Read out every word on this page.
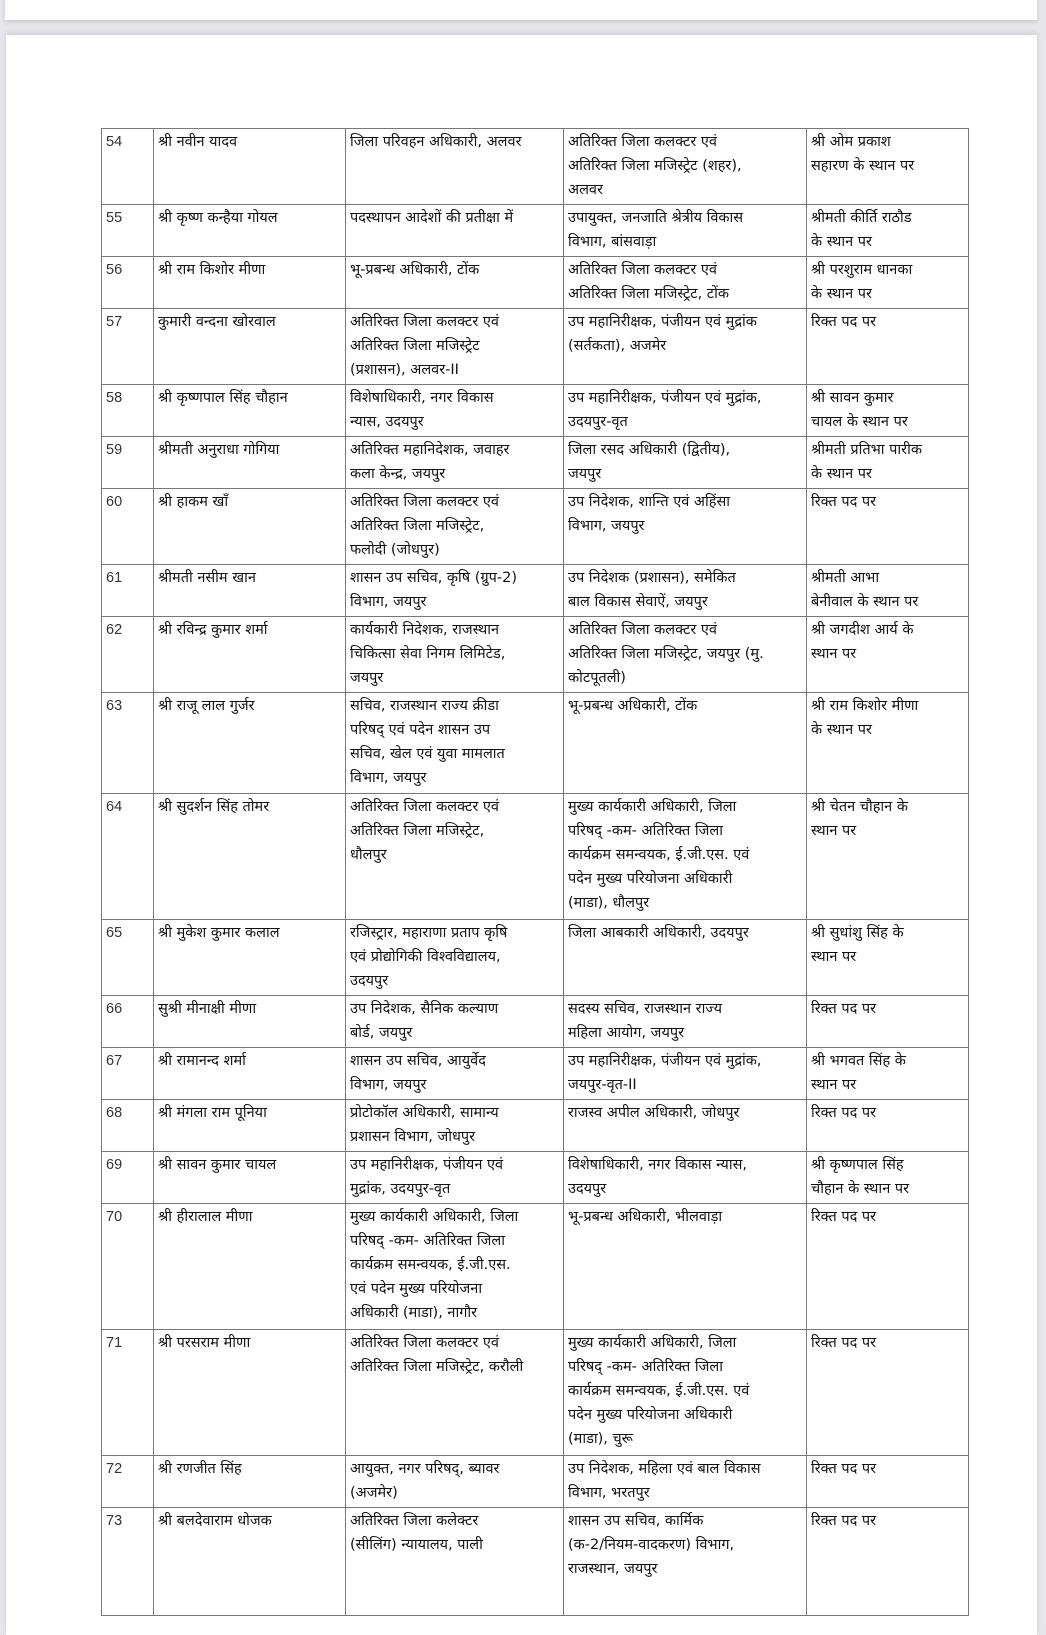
54	श्री नवीन यादव	जिला परिवहन अधिकारी, अलवर	अतिरिक्त जिला कलक्टर एवं
अतिरिक्त जिला मजिस्ट्रेट (शहर),
अलवर	श्री ओम प्रकाश
सहारण के स्थान पर

55	श्री कृष्ण कन्हैया गोयल	पदस्थापन आदेशों की प्रतीक्षा में	उपायुक्त, जनजाति श्रेत्रीय विकास
विभाग, बांसवाड़ा	श्रीमती कीर्ति राठौड
के स्थान पर

56	श्री राम किशोर मीणा	भू-प्रबन्ध अधिकारी, टोंक	अतिरिक्त जिला कलक्टर एवं
अतिरिक्त जिला मजिस्ट्रेट, टोंक	श्री परशुराम धानका
के स्थान पर

57	कुमारी वन्दना खोरवाल	अतिरिक्त जिला कलक्टर एवं
अतिरिक्त जिला मजिस्ट्रेट
(प्रशासन), अलवर-II	उप महानिरीक्षक, पंजीयन एवं मुद्रांक
(सर्तकता), अजमेर	रिक्त पद पर

58	श्री कृष्णपाल सिंह चौहान	विशेषाधिकारी, नगर विकास
न्यास, उदयपुर	उप महानिरीक्षक, पंजीयन एवं मुद्रांक,
उदयपुर-वृत	श्री सावन कुमार
चायल के स्थान पर

59	श्रीमती अनुराधा गोगिया	अतिरिक्त महानिदेशक, जवाहर
कला केन्द्र, जयपुर	जिला रसद अधिकारी (द्वितीय),
जयपुर	श्रीमती प्रतिभा पारीक
के स्थान पर

60	श्री हाकम खाँ	अतिरिक्त जिला कलक्टर एवं
अतिरिक्त जिला मजिस्ट्रेट,
फलोदी (जोधपुर)	उप निदेशक, शान्ति एवं अहिंसा
विभाग, जयपुर	रिक्त पद पर

61	श्रीमती नसीम खान	शासन उप सचिव, कृषि (ग्रुप-2)
विभाग, जयपुर	उप निदेशक (प्रशासन), समेकित
बाल विकास सेवाऐं, जयपुर	श्रीमती आभा
बेनीवाल के स्थान पर

62	श्री रविन्द्र कुमार शर्मा	कार्यकारी निदेशक, राजस्थान
चिकित्सा सेवा निगम लिमिटेड,
जयपुर	अतिरिक्त जिला कलक्टर एवं
अतिरिक्त जिला मजिस्ट्रेट, जयपुर (मु.
कोटपूतली)	श्री जगदीश आर्य के
स्थान पर

63	श्री राजू लाल गुर्जर	सचिव, राजस्थान राज्य क्रीडा
परिषद् एवं पदेन शासन उप
सचिव, खेल एवं युवा मामलात
विभाग, जयपुर	भू-प्रबन्ध अधिकारी, टोंक	श्री राम किशोर मीणा
के स्थान पर

64	श्री सुदर्शन सिंह तोमर	अतिरिक्त जिला कलक्टर एवं
अतिरिक्त जिला मजिस्ट्रेट,
धौलपुर	मुख्य कार्यकारी अधिकारी, जिला
परिषद् -कम- अतिरिक्त जिला
कार्यक्रम समन्वयक, ई.जी.एस. एवं
पदेन मुख्य परियोजना अधिकारी
(माडा), धौलपुर	श्री चेतन चौहान के
स्थान पर

65	श्री मुकेश कुमार कलाल	रजिस्ट्रार, महाराणा प्रताप कृषि
एवं प्रोद्योगिकी विश्वविद्यालय,
उदयपुर	जिला आबकारी अधिकारी, उदयपुर	श्री सुधांशु सिंह के
स्थान पर

66	सुश्री मीनाक्षी मीणा	उप निदेशक, सैनिक कल्याण
बोर्ड, जयपुर	सदस्य सचिव, राजस्थान राज्य
महिला आयोग, जयपुर	रिक्त पद पर

67	श्री रामानन्द शर्मा	शासन उप सचिव, आयुर्वेद
विभाग, जयपुर	उप महानिरीक्षक, पंजीयन एवं मुद्रांक,
जयपुर-वृत-II	श्री भगवत सिंह के
स्थान पर

68	श्री मंगला राम पूनिया	प्रोटोकॉल अधिकारी, सामान्य
प्रशासन विभाग, जोधपुर	राजस्व अपील अधिकारी, जोधपुर	रिक्त पद पर

69	श्री सावन कुमार चायल	उप महानिरीक्षक, पंजीयन एवं
मुद्रांक, उदयपुर-वृत	विशेषाधिकारी, नगर विकास न्यास,
उदयपुर	श्री कृष्णपाल सिंह
चौहान के स्थान पर

70	श्री हीरालाल मीणा	मुख्य कार्यकारी अधिकारी, जिला
परिषद् -कम- अतिरिक्त जिला
कार्यक्रम समन्वयक, ई.जी.एस.
एवं पदेन मुख्य परियोजना
अधिकारी (माडा), नागौर	भू-प्रबन्ध अधिकारी, भीलवाड़ा	रिक्त पद पर

71	श्री परसराम मीणा	अतिरिक्त जिला कलक्टर एवं
अतिरिक्त जिला मजिस्ट्रेट, करौली	मुख्य कार्यकारी अधिकारी, जिला
परिषद् -कम- अतिरिक्त जिला
कार्यक्रम समन्वयक, ई.जी.एस. एवं
पदेन मुख्य परियोजना अधिकारी
(माडा), चुरू	रिक्त पद पर

72	श्री रणजीत सिंह	आयुक्त, नगर परिषद्, ब्यावर
(अजमेर)	उप निदेशक, महिला एवं बाल विकास
विभाग, भरतपुर	रिक्त पद पर

73	श्री बलदेवाराम धोजक	अतिरिक्त जिला कलेक्टर
(सीलिंग) न्यायालय, पाली	शासन उप सचिव, कार्मिक
(क-2/नियम-वादकरण) विभाग,
राजस्थान, जयपुर	रिक्त पद पर
